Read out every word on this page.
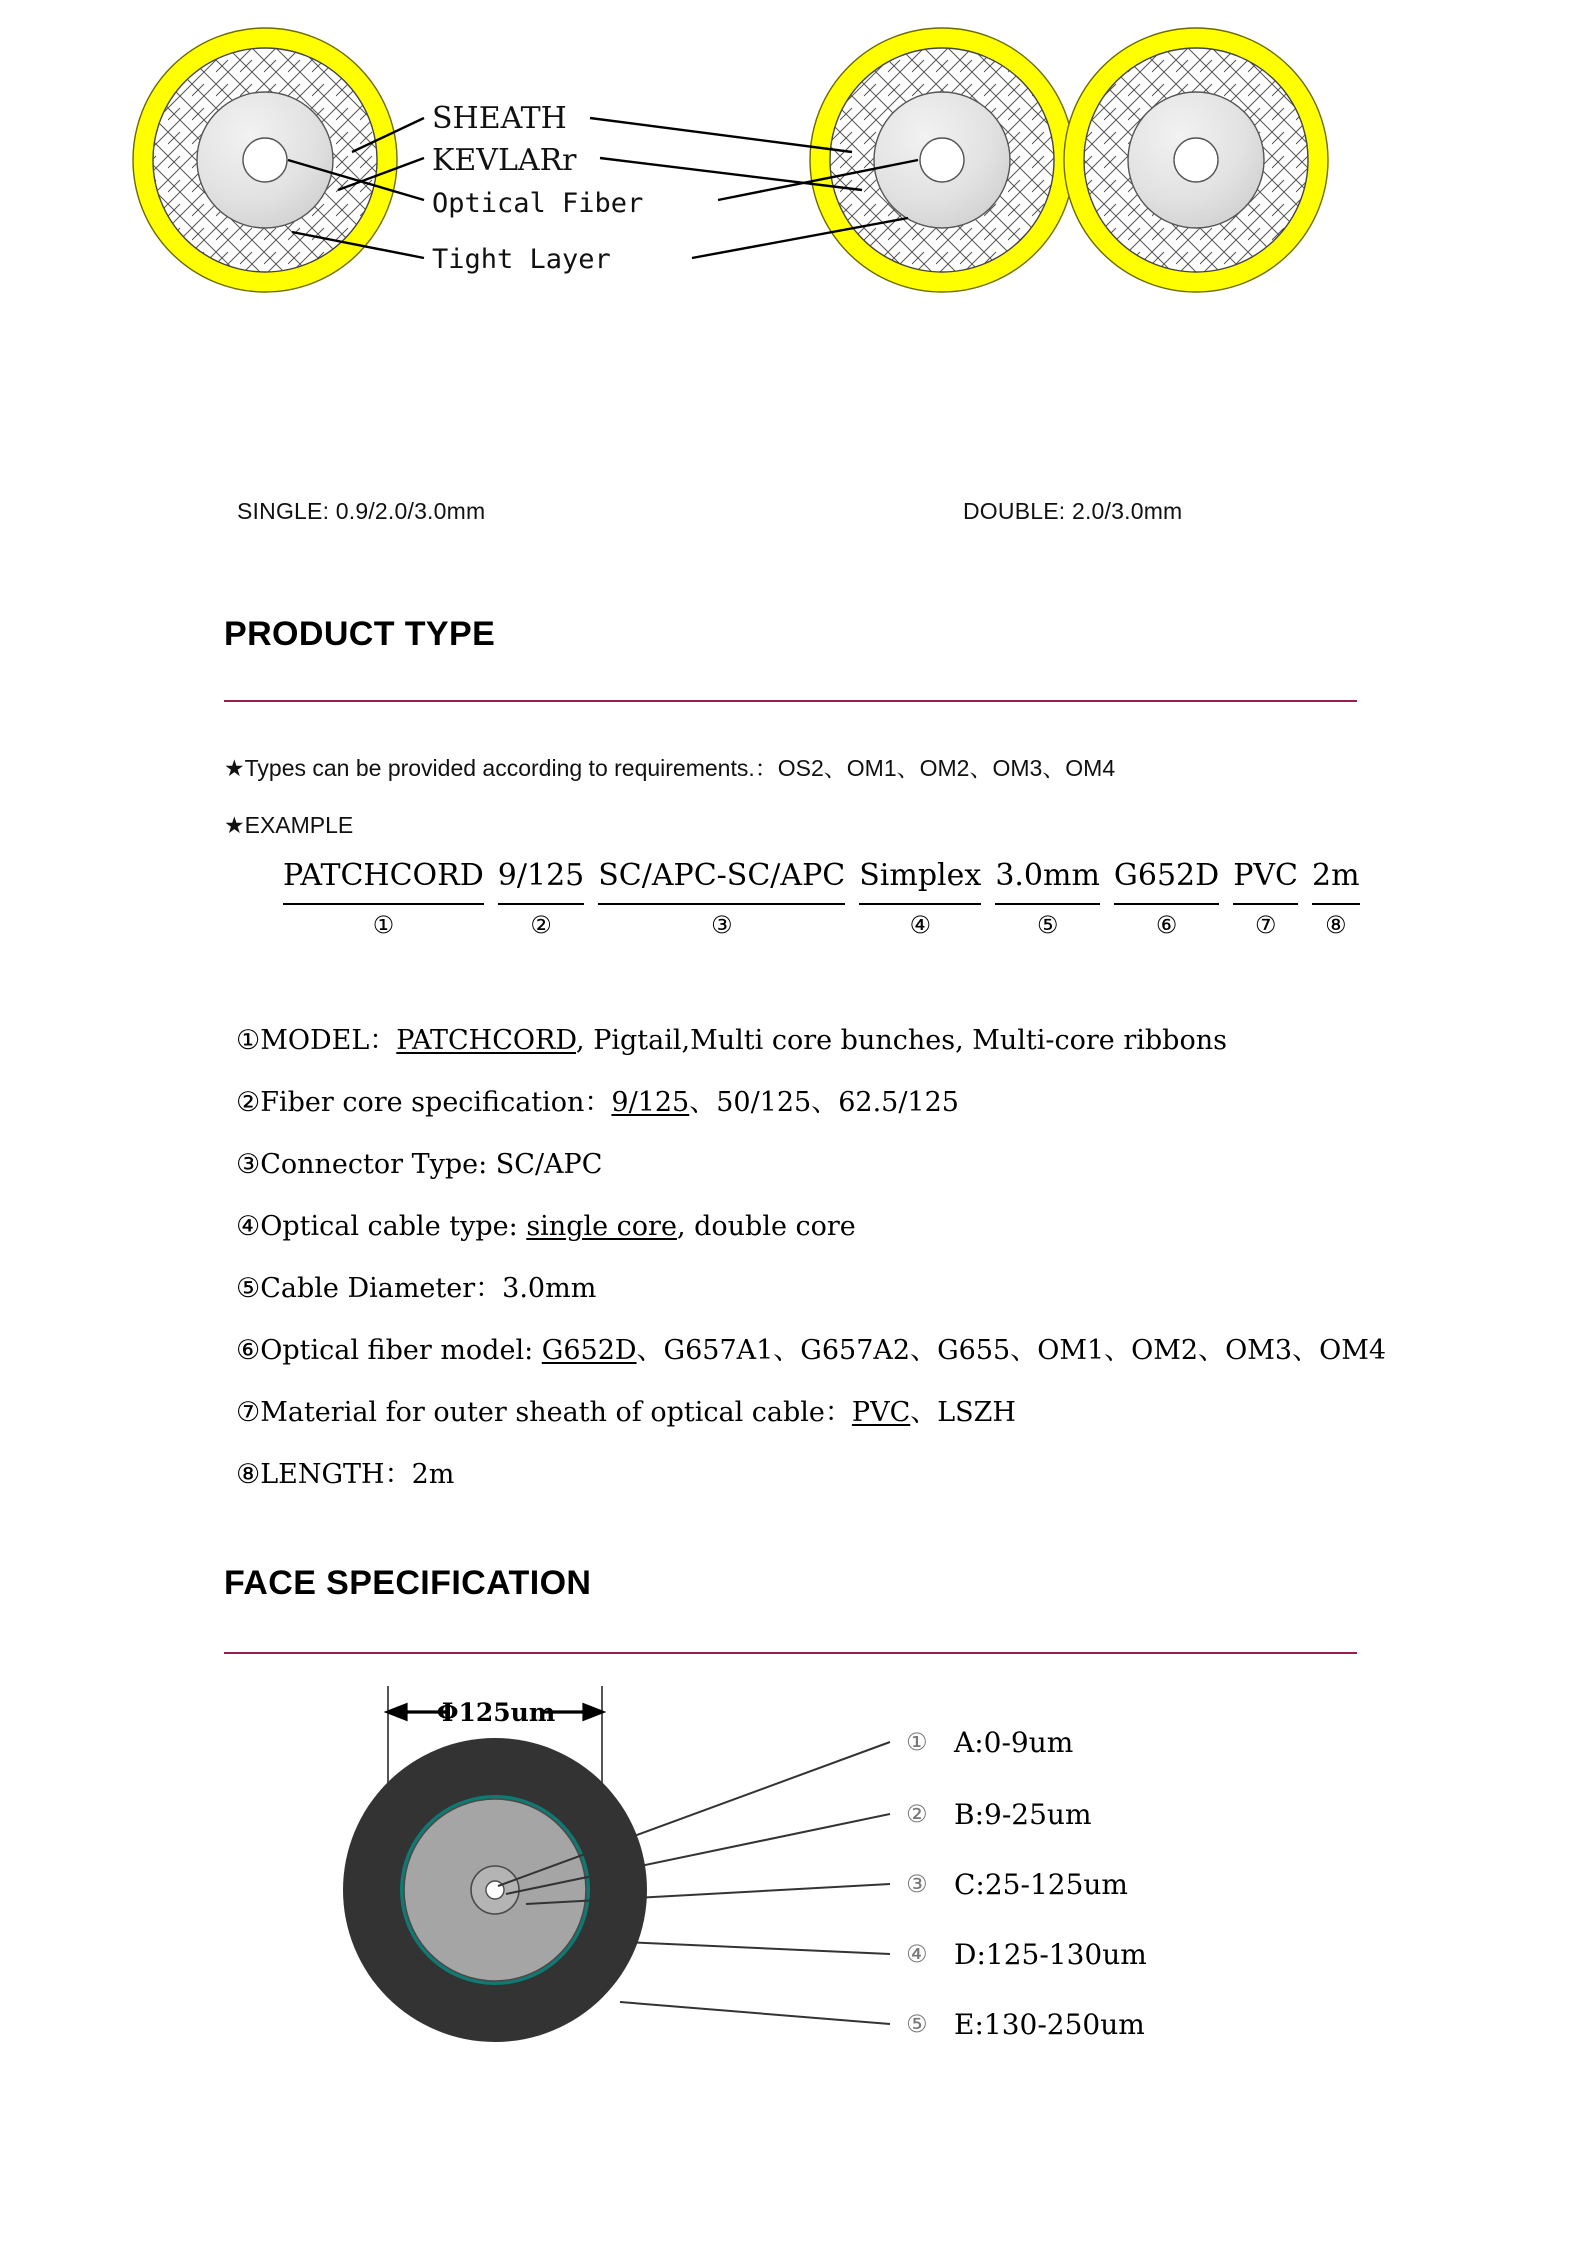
SHEATH
KEVLARr
Optical Fiber
Tight Layer
SINGLE: 0.9/2.0/3.0mm	DOUBLE: 2.0/3.0mm
PRODUCT TYPE
★Types can be provided according to requirements.：OS2、OM1、OM2、OM3、OM4
★EXAMPLE
PATCHCORD	9/125	SC/APC-SC/APC	Simplex	3.0mm	G652D	PVC	2m

①	②	③	④	⑤	⑥	⑦	⑧
①MODEL：PATCHCORD, Pigtail,Multi core bunches, Multi-core ribbons
②Fiber core specification：9/125、50/125、62.5/125
③Connector Type: SC/APC
④Optical cable type: single core, double core
⑤Cable Diameter：3.0mm
⑥Optical fiber model: G652D、G657A1、G657A2、G655、OM1、OM2、OM3、OM4
⑦Material for outer sheath of optical cable：PVC、LSZH
⑧LENGTH：2m
FACE SPECIFICATION
Φ125um
① A:0-9um
② B:9-25um
③ C:25-125um
④ D:125-130um
⑤ E:130-250um
